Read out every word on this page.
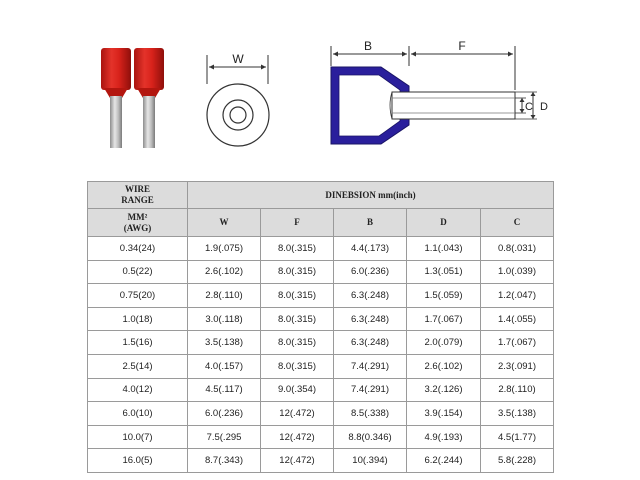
W
B	F
C D
WIRE
RANGE	DINEBSION mm(inch)				

MM²
(AWG)	W	F	B	D	C
0.34(24)	1.9(.075)	8.0(.315)	4.4(.173)	1.1(.043)	0.8(.031)
0.5(22)	2.6(.102)	8.0(.315)	6.0(.236)	1.3(.051)	1.0(.039)
0.75(20)	2.8(.110)	8.0(.315)	6.3(.248)	1.5(.059)	1.2(.047)
1.0(18)	3.0(.118)	8.0(.315)	6.3(.248)	1.7(.067)	1.4(.055)
1.5(16)	3.5(.138)	8.0(.315)	6.3(.248)	2.0(.079)	1.7(.067)
2.5(14)	4.0(.157)	8.0(.315)	7.4(.291)	2.6(.102)	2.3(.091)
4.0(12)	4.5(.117)	9.0(.354)	7.4(.291)	3.2(.126)	2.8(.110)
6.0(10)	6.0(.236)	12(.472)	8.5(.338)	3.9(.154)	3.5(.138)
10.0(7)	7.5(.295	12(.472)	8.8(0.346)	4.9(.193)	4.5(1.77)
16.0(5)	8.7(.343)	12(.472)	10(.394)	6.2(.244)	5.8(.228)
